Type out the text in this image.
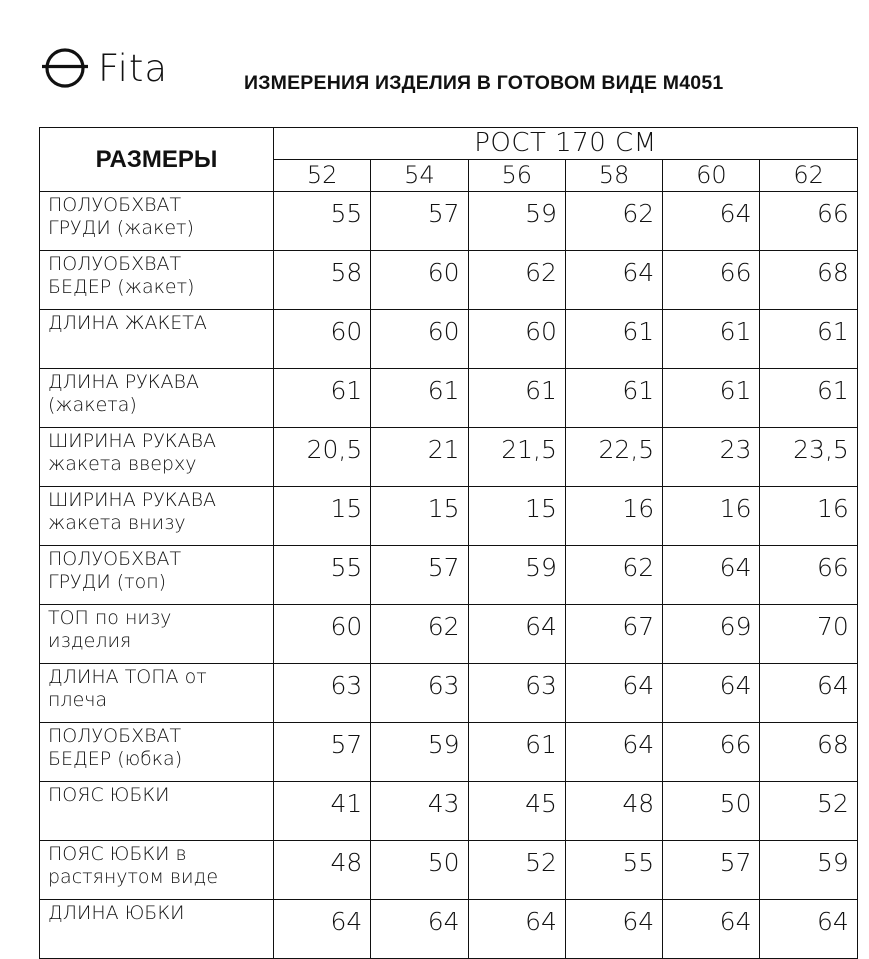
Fita	ИЗМЕРЕНИЯ ИЗДЕЛИЯ В ГОТОВОМ ВИДЕ М4051
РАЗМЕРЫ	РОСТ 170 СМ					
	52	54	56	58	60	62

ПОЛУОБХВАТ
ГРУДИ (жакет)	55	57	59	62	64	66

ПОЛУОБХВАТ
БЕДЕР (жакет)	58	60	62	64	66	68

ДЛИНА ЖАКЕТА	60	60	60	61	61	61

ДЛИНА РУКАВА
(жакета)	61	61	61	61	61	61

ШИРИНА РУКАВА
жакета вверху	20,5	21	21,5	22,5	23	23,5

ШИРИНА РУКАВА
жакета внизу	15	15	15	16	16	16

ПОЛУОБХВАТ
ГРУДИ (топ)	55	57	59	62	64	66

ТОП по низу
изделия	60	62	64	67	69	70

ДЛИНА ТОПА от
плеча	63	63	63	64	64	64

ПОЛУОБХВАТ
БЕДЕР (юбка)	57	59	61	64	66	68

ПОЯС ЮБКИ	41	43	45	48	50	52

ПОЯС ЮБКИ в
растянутом виде	48	50	52	55	57	59

ДЛИНА ЮБКИ	64	64	64	64	64	64
